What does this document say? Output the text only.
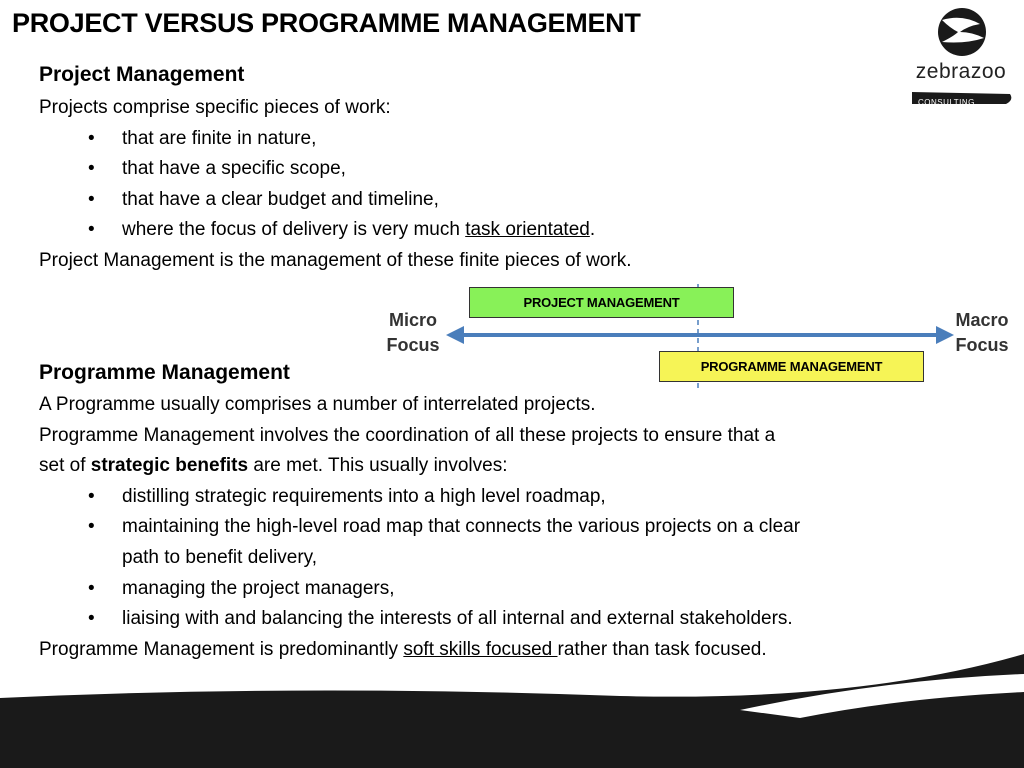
PROJECT VERSUS PROGRAMME MANAGEMENT
zebrazoo
CONSULTING
Project Management
Projects comprise specific pieces of work:
• that are finite in nature,
• that have a specific scope,
• that have a clear budget and timeline,
• where the focus of delivery is very much task orientated.
Project Management is the management of these finite pieces of work.
PROJECT MANAGEMENT
PROGRAMME MANAGEMENT
Micro
Focus
Macro
Focus
Programme Management
A Programme usually comprises a number of interrelated projects.
Programme Management involves the coordination of all these projects to ensure that a
set of strategic benefits are met. This usually involves:
• distilling strategic requirements into a high level roadmap,
• maintaining the high-level road map that connects the various projects on a clear
path to benefit delivery,
• managing the project managers,
• liaising with and balancing the interests of all internal and external stakeholders.
Programme Management is predominantly soft skills focused rather than task focused.
